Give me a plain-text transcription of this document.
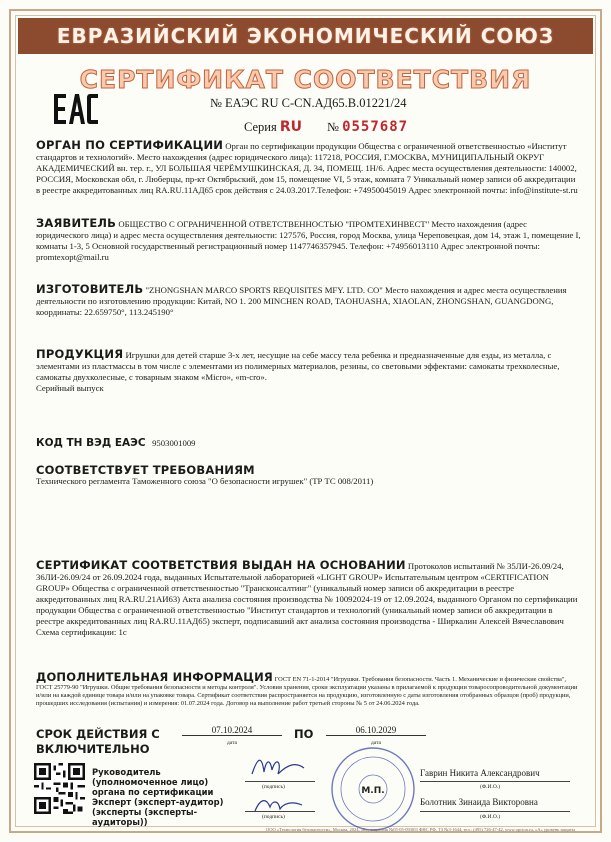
ЕВРАЗИЙСКИЙ ЭКОНОМИЧЕСКИЙ СОЮЗ
СЕРТИФИКАТ СООТВЕТСТВИЯ
№ ЕАЭС RU C-CN.АД65.В.01221/24
Серия RU № 0557687
ОРГАН ПО СЕРТИФИКАЦИИ Орган по сертификации продукции Общества с ограниченной ответственностью «Институт стандартов и технологий». Место нахождения (адрес юридического лица): 117218, РОССИЯ, Г.МОСКВА, МУНИЦИПАЛЬНЫЙ ОКРУГ АКАДЕМИЧЕСКИЙ вн. тер. г., УЛ БОЛЬШАЯ ЧЕРЁМУШКИНСКАЯ, Д. 34, ПОМЕЩ. 1Н/6. Адрес места осуществления деятельности: 140002, РОССИЯ, Московская обл, г. Люберцы, пр-кт Октябрьский, дом 15, помещение VI, 5 этаж, комната 7 Уникальный номер записи об аккредитации в реестре аккредитованных лиц RA.RU.11АД65 срок действия с 24.03.2017.Телефон: +74950045019 Адрес электронной почты: info@institute-st.ru
ЗАЯВИТЕЛЬ ОБЩЕСТВО С ОГРАНИЧЕННОЙ ОТВЕТСТВЕННОСТЬЮ "ПРОМТЕХИНВЕСТ" Место нахождения (адрес юридического лица) и адрес места осуществления деятельности: 127576, Россия, город Москва, улица Череповецкая, дом 14, этаж 1, помещение I, комнаты 1-3, 5 Основной государственный регистрационный номер 1147746357945. Телефон: +74956013110 Адрес электронной почты: promtexopt@mail.ru
ИЗГОТОВИТЕЛЬ "ZHONGSHAN MARCO SPORTS REQUISITES MFY. LTD. CO" Место нахождения и адрес места осуществления деятельности по изготовлению продукции: Китай, NO 1. 200 MINCHEN ROAD, TAOHUASHA, XIAOLAN, ZHONGSHAN, GUANGDONG, координаты: 22.659750°, 113.245190°
ПРОДУКЦИЯ Игрушки для детей старше 3-х лет, несущие на себе массу тела ребенка и предназначенные для езды, из металла, с элементами из пластмассы в том числе с элементами из полимерных материалов, резины, со световыми эффектами: самокаты трехколесные, самокаты двухколесные, с товарным знаком «Micro», «m-cro».
Серийный выпуск
КОД ТН ВЭД ЕАЭС 9503001009
СООТВЕТСТВУЕТ ТРЕБОВАНИЯМ
Технического регламента Таможенного союза "О безопасности игрушек" (ТР ТС 008/2011)
СЕРТИФИКАТ СООТВЕТСТВИЯ ВЫДАН НА ОСНОВАНИИ Протоколов испытаний № 35ЛИ-26.09/24, 36ЛИ-26.09/24 от 26.09.2024 года, выданных Испытательной лабораторией «LIGHT GROUP» Испытательным центром «CERTIFICATION GROUP» Общества с ограниченной ответственностью "Трансконсалтинг" (уникальный номер записи об аккредитации в реестре аккредитованных лиц RA.RU.21АИ63) Акта анализа состояния производства № 10092024-19 от 12.09.2024, выданного Органом по сертификации продукции Общества с ограниченной ответственностью "Институт стандартов и технологий (уникальный номер записи об аккредитации в реестре аккредитованных лиц RA.RU.11АД65) эксперт, подписавший акт анализа состояния производства - Ширкалин Алексей Вячеславович
Схема сертификации: 1с
ДОПОЛНИТЕЛЬНАЯ ИНФОРМАЦИЯ ГОСТ EN 71-1-2014 "Игрушки. Требования безопасности. Часть 1. Механические и физические свойства", ГОСТ 25779-90 "Игрушки. Общие требования безопасности и методы контроля". Условия хранения, сроки эксплуатации указаны в прилагаемой к продукции товаросопроводительной документации и/или на каждой единице товара и/или на упаковке товара. Сертификат соответствия распространяется на продукцию, изготовленную с даты изготовления отобранных образцов (проб) продукции, прошедших исследования (испытания) и измерения: 01.07.2024 года. Договор на выполнение работ третьей стороны № 5 от 24.06.2024 года.
СРОК ДЕЙСТВИЯ С	07.10.2024
дата
ПО	06.10.2029
дата
ВКЛЮЧИТЕЛЬНО
Руководитель (уполномоченное лицо) органа по сертификации	(подпись)
Гаврин Никита Александрович
(Ф.И.О.)
Эксперт (эксперт-аудитор) (эксперты (эксперты-аудиторы))	(подпись)
Болотник Зинаида Викторовна
(Ф.И.О.)
М.П.
ООО «Технология безопасности», Москва, 2024, «Б», лицензия №05-05-09/003 ФНС РФ, ТЗ №3-1644, тел.: (495) 726-47-42, www.opcion.ru, «А» уровень защиты
